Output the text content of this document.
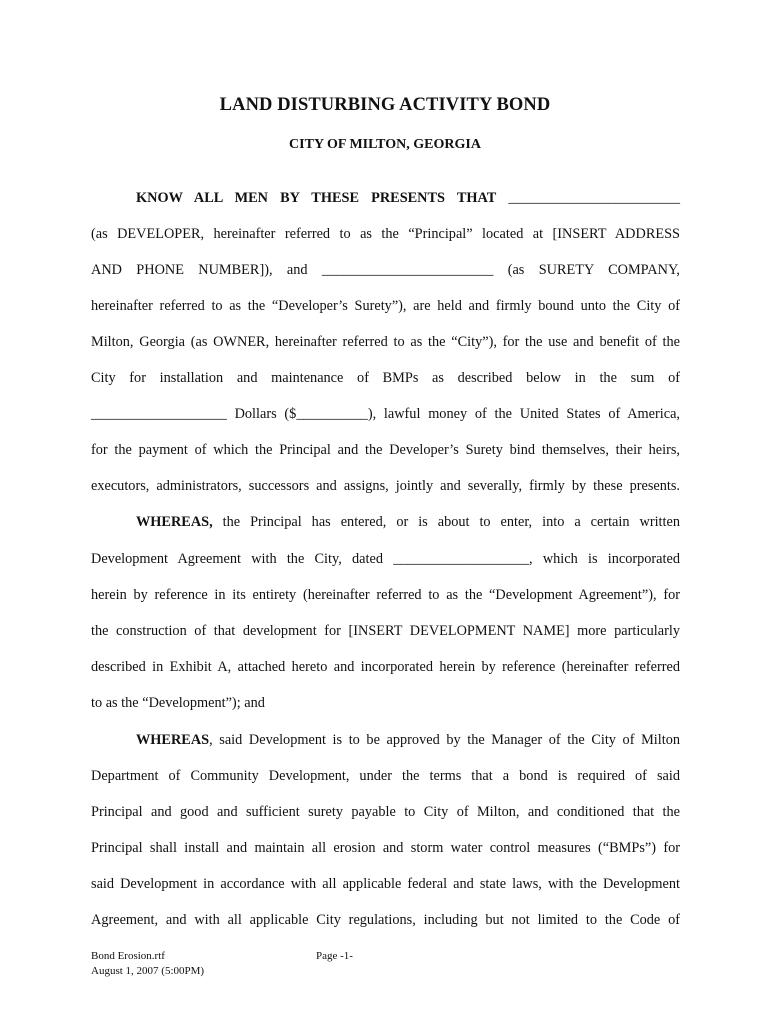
LAND DISTURBING ACTIVITY BOND
CITY OF MILTON, GEORGIA
KNOW ALL MEN BY THESE PRESENTS THAT ________________________
(as DEVELOPER, hereinafter referred to as the “Principal” located at [INSERT ADDRESS
AND PHONE NUMBER]), and ________________________ (as SURETY COMPANY,
hereinafter referred to as the “Developer’s Surety”), are held and firmly bound unto the City of
Milton, Georgia (as OWNER, hereinafter referred to as the “City”), for the use and benefit of the
City for installation and maintenance of BMPs as described below in the sum of
___________________ Dollars ($__________), lawful money of the United States of America,
for the payment of which the Principal and the Developer’s Surety bind themselves, their heirs,
executors, administrators, successors and assigns, jointly and severally, firmly by these presents.
WHEREAS, the Principal has entered, or is about to enter, into a certain written
Development Agreement with the City, dated ___________________, which is incorporated
herein by reference in its entirety (hereinafter referred to as the “Development Agreement”), for
the construction of that development for [INSERT DEVELOPMENT NAME] more particularly
described in Exhibit A, attached hereto and incorporated herein by reference (hereinafter referred
to as the “Development”); and
WHEREAS, said Development is to be approved by the Manager of the City of Milton
Department of Community Development, under the terms that a bond is required of said
Principal and good and sufficient surety payable to City of Milton, and conditioned that the
Principal shall install and maintain all erosion and storm water control measures (“BMPs”) for
said Development in accordance with all applicable federal and state laws, with the Development
Agreement, and with all applicable City regulations, including but not limited to the Code of
Bond Erosion.rtf
August 1, 2007 (5:00PM)
Page -1-
